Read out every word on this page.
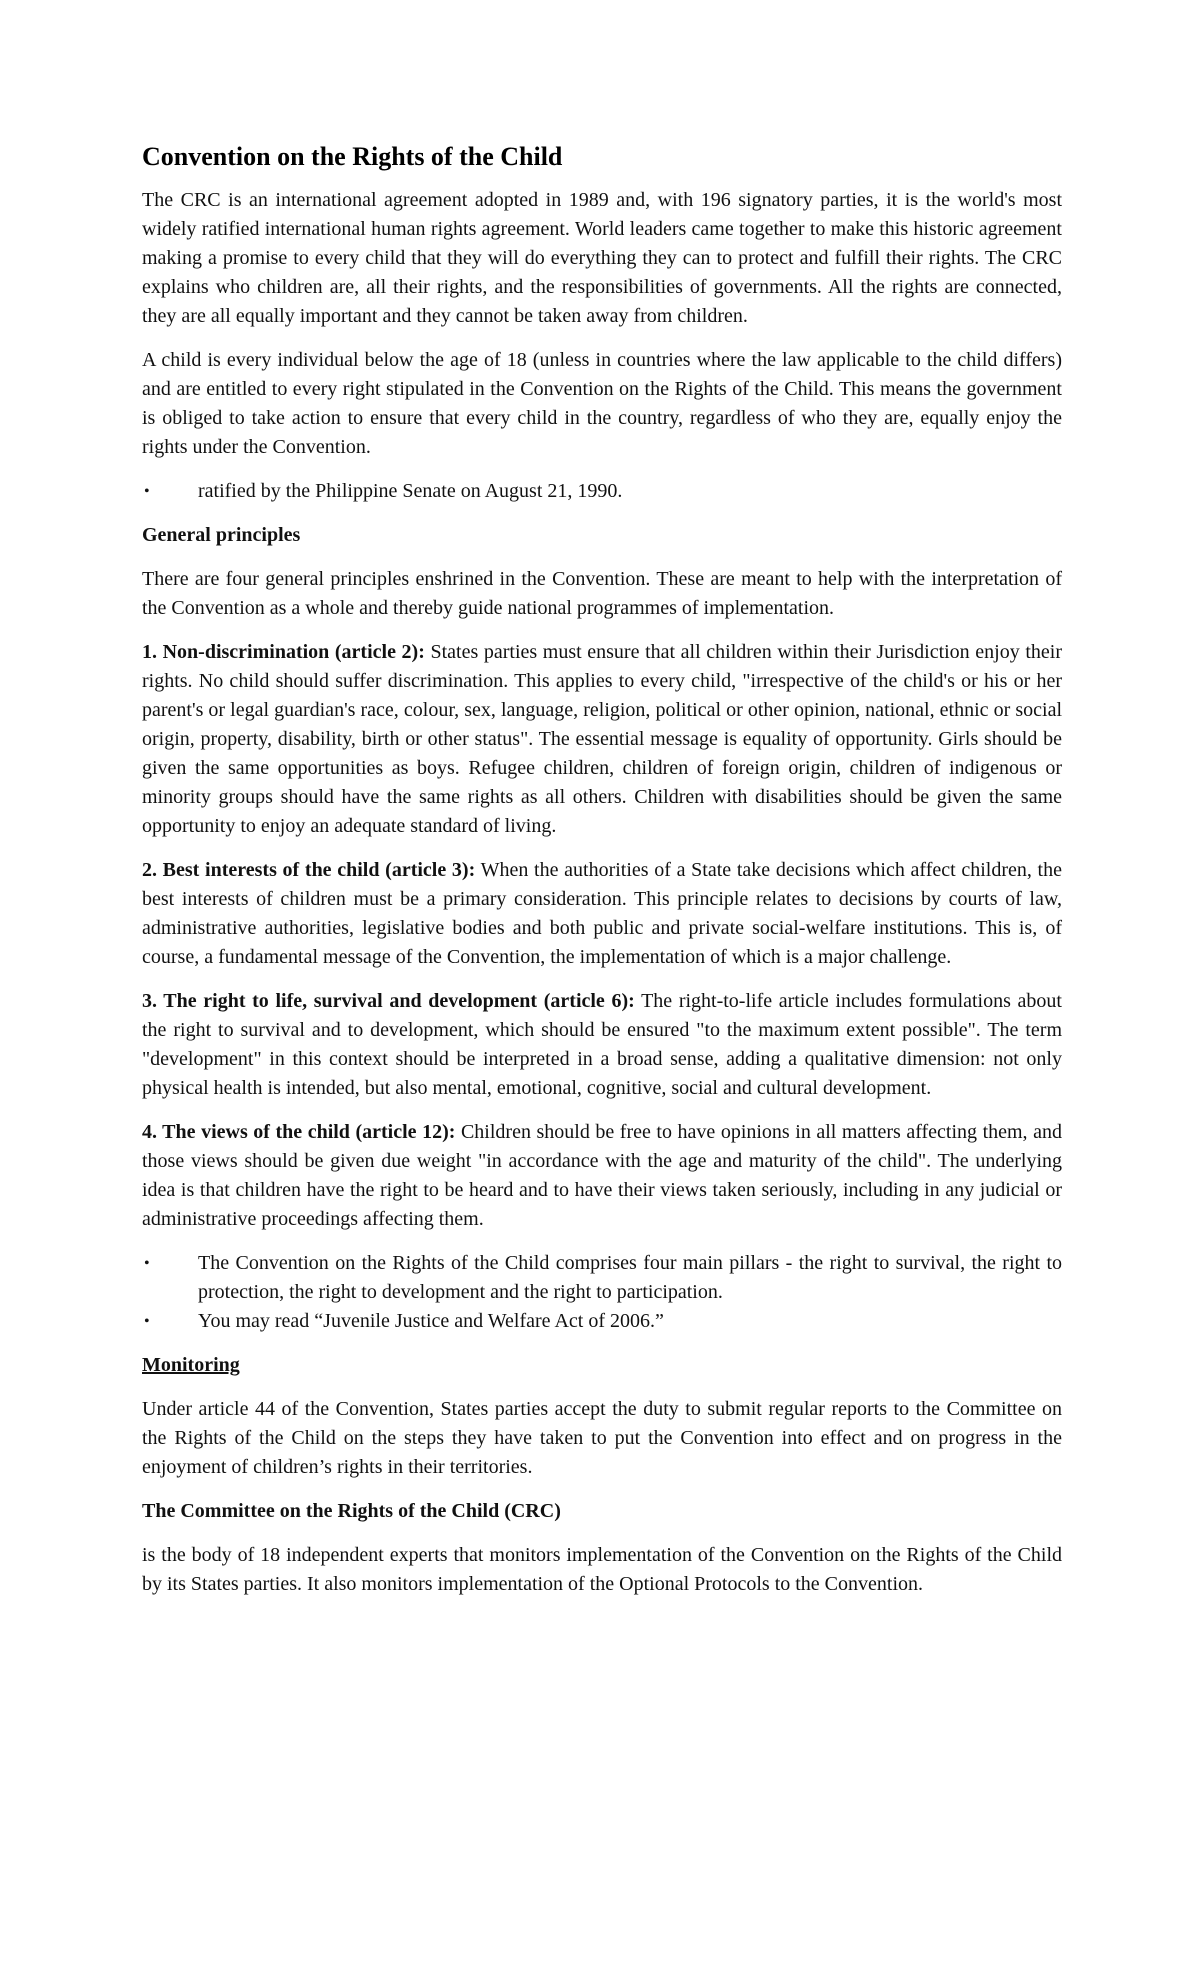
Convention on the Rights of the Child

The CRC is an international agreement adopted in 1989 and, with 196 signatory parties, it is the world's most widely ratified international human rights agreement. World leaders came together to make this historic agreement making a promise to every child that they will do everything they can to protect and fulfill their rights. The CRC explains who children are, all their rights, and the responsibilities of governments. All the rights are connected, they are all equally important and they cannot be taken away from children.

A child is every individual below the age of 18 (unless in countries where the law applicable to the child differs) and are entitled to every right stipulated in the Convention on the Rights of the Child. This means the government is obliged to take action to ensure that every child in the country, regardless of who they are, equally enjoy the rights under the Convention.

• ratified by the Philippine Senate on August 21, 1990.
General principles

There are four general principles enshrined in the Convention. These are meant to help with the interpretation of the Convention as a whole and thereby guide national programmes of implementation.

1. Non-discrimination (article 2): States parties must ensure that all children within their Jurisdiction enjoy their rights. No child should suffer discrimination. This applies to every child, "irrespective of the child's or his or her parent's or legal guardian's race, colour, sex, language, religion, political or other opinion, national, ethnic or social origin, property, disability, birth or other status". The essential message is equality of opportunity. Girls should be given the same opportunities as boys. Refugee children, children of foreign origin, children of indigenous or minority groups should have the same rights as all others. Children with disabilities should be given the same opportunity to enjoy an adequate standard of living.

2. Best interests of the child (article 3): When the authorities of a State take decisions which affect children, the best interests of children must be a primary consideration. This principle relates to decisions by courts of law, administrative authorities, legislative bodies and both public and private social-welfare institutions. This is, of course, a fundamental message of the Convention, the implementation of which is a major challenge.

3. The right to life, survival and development (article 6): The right-to-life article includes formulations about the right to survival and to development, which should be ensured "to the maximum extent possible". The term "development" in this context should be interpreted in a broad sense, adding a qualitative dimension: not only physical health is intended, but also mental, emotional, cognitive, social and cultural development.

4. The views of the child (article 12): Children should be free to have opinions in all matters affecting them, and those views should be given due weight "in accordance with the age and maturity of the child". The underlying idea is that children have the right to be heard and to have their views taken seriously, including in any judicial or administrative proceedings affecting them.

• The Convention on the Rights of the Child comprises four main pillars - the right to survival, the right to protection, the right to development and the right to participation.
• You may read “Juvenile Justice and Welfare Act of 2006.”
Monitoring

Under article 44 of the Convention, States parties accept the duty to submit regular reports to the Committee on the Rights of the Child on the steps they have taken to put the Convention into effect and on progress in the enjoyment of children’s rights in their territories.

The Committee on the Rights of the Child (CRC)

is the body of 18 independent experts that monitors implementation of the Convention on the Rights of the Child by its States parties. It also monitors implementation of the Optional Protocols to the Convention.
